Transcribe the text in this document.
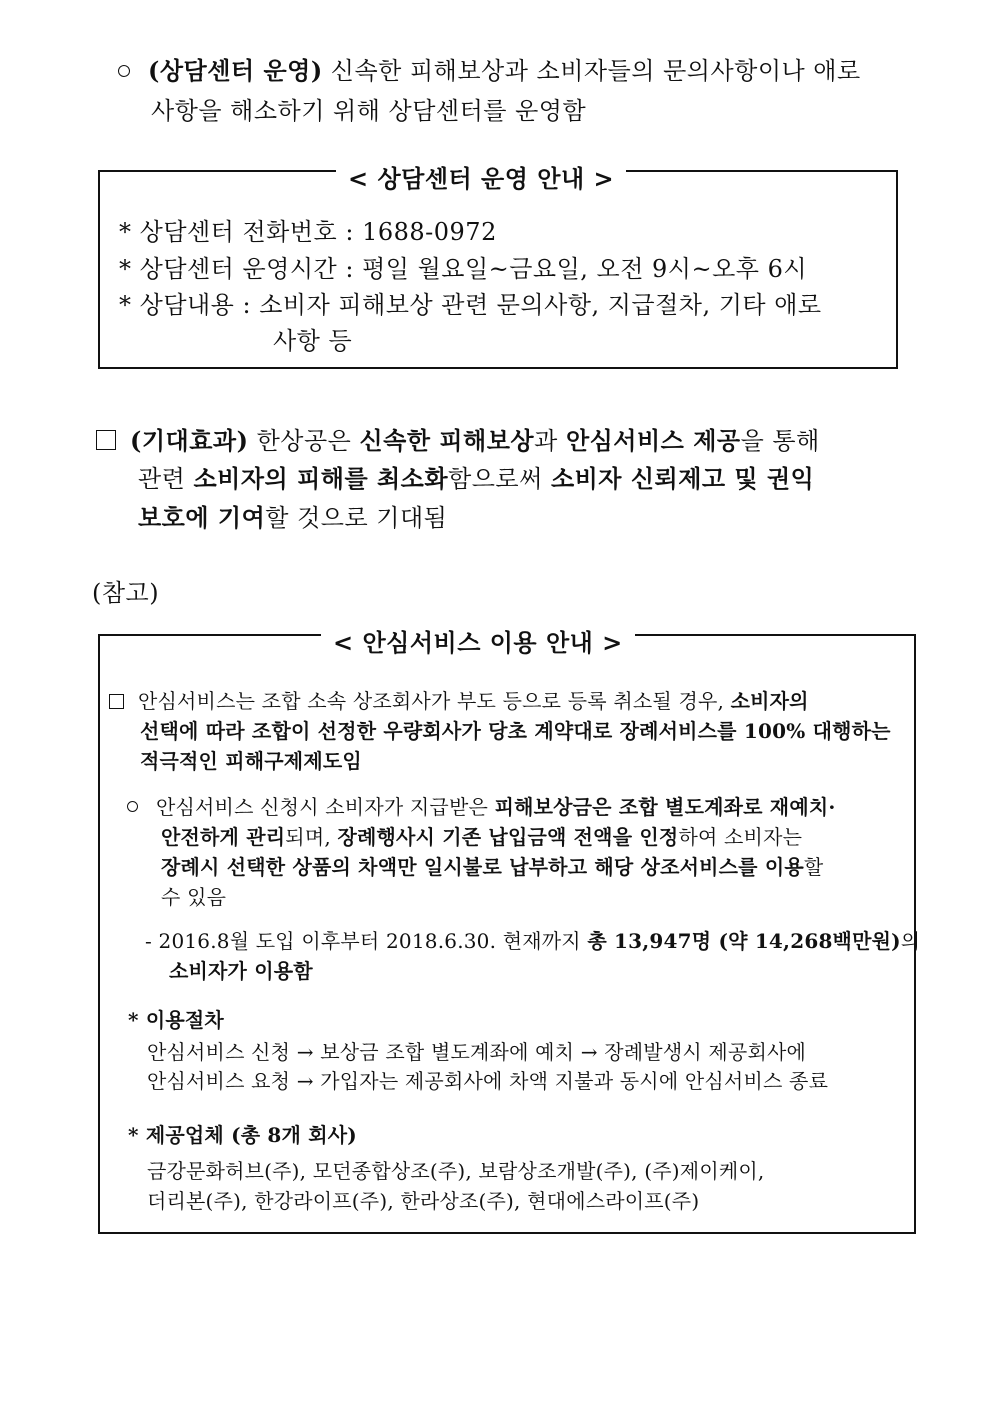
(상담센터 운영) 신속한 피해보상과 소비자들의 문의사항이나 애로
사항을 해소하기 위해 상담센터를 운영함
< 상담센터 운영 안내 >
* 상담센터 전화번호 : 1688-0972
* 상담센터 운영시간 : 평일 월요일~금요일, 오전 9시~오후 6시
* 상담내용 : 소비자 피해보상 관련 문의사항, 지급절차, 기타 애로
사항 등
(기대효과) 한상공은 신속한 피해보상과 안심서비스 제공을 통해
관련 소비자의 피해를 최소화함으로써 소비자 신뢰제고 및 권익
보호에 기여할 것으로 기대됨
(참고)
< 안심서비스 이용 안내 >
안심서비스는 조합 소속 상조회사가 부도 등으로 등록 취소될 경우, 소비자의
선택에 따라 조합이 선정한 우량회사가 당초 계약대로 장례서비스를 100% 대행하는
적극적인 피해구제제도임
안심서비스 신청시 소비자가 지급받은 피해보상금은 조합 별도계좌로 재예치·
안전하게 관리되며, 장례행사시 기존 납입금액 전액을 인정하여 소비자는
장례시 선택한 상품의 차액만 일시불로 납부하고 해당 상조서비스를 이용할
수 있음
- 2016.8월 도입 이후부터 2018.6.30. 현재까지 총 13,947명 (약 14,268백만원)의
소비자가 이용함
* 이용절차
안심서비스 신청 → 보상금 조합 별도계좌에 예치 → 장례발생시 제공회사에
안심서비스 요청 → 가입자는 제공회사에 차액 지불과 동시에 안심서비스 종료
* 제공업체 (총 8개 회사)
금강문화허브(주), 모던종합상조(주), 보람상조개발(주), (주)제이케이,
더리본(주), 한강라이프(주), 한라상조(주), 현대에스라이프(주)
